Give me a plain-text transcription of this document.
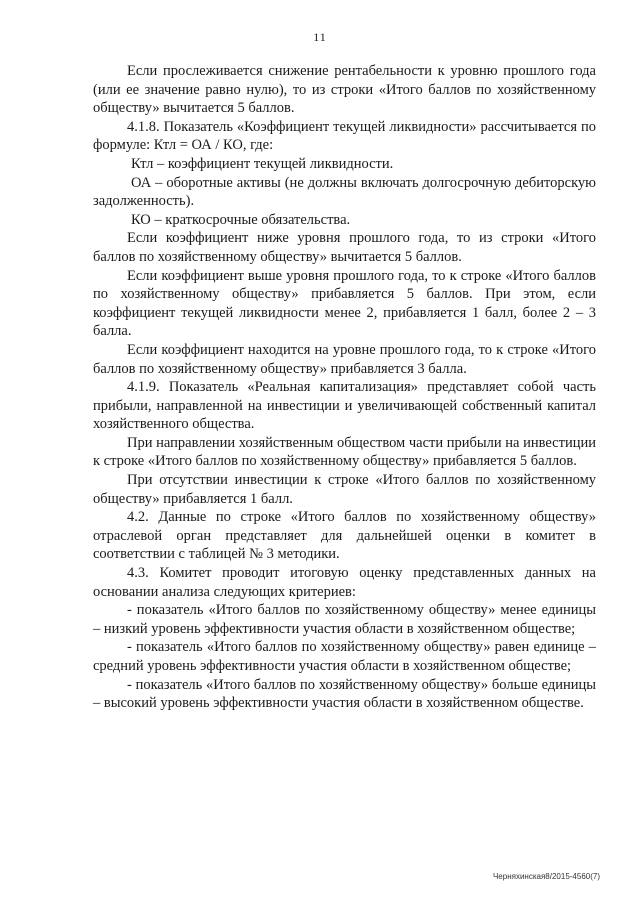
11

Если прослеживается снижение рентабельности к уровню прошлого года (или ее значение равно нулю), то из строки «Итого баллов по хозяйственному обществу» вычитается 5 баллов.

4.1.8. Показатель «Коэффициент текущей ликвидности» рассчитывается по формуле: Ктл = ОА / КО, где:

Ктл – коэффициент текущей ликвидности.

ОА – оборотные активы (не должны включать долгосрочную дебиторскую задолженность).

КО – краткосрочные обязательства.

Если коэффициент ниже уровня прошлого года, то из строки «Итого баллов по хозяйственному обществу» вычитается 5 баллов.

Если коэффициент выше уровня прошлого года, то к строке «Итого баллов по хозяйственному обществу» прибавляется 5 баллов. При этом, если коэффициент текущей ликвидности менее 2, прибавляется 1 балл, более 2 – 3 балла.

Если коэффициент находится на уровне прошлого года, то к строке «Итого баллов по хозяйственному обществу» прибавляется 3 балла.

4.1.9. Показатель «Реальная капитализация» представляет собой часть прибыли, направленной на инвестиции и увеличивающей собственный капитал хозяйственного общества.

При направлении хозяйственным обществом части прибыли на инвестиции к строке «Итого баллов по хозяйственному обществу» прибавляется 5 баллов.

При отсутствии инвестиции к строке «Итого баллов по хозяйственному обществу» прибавляется 1 балл.

4.2. Данные по строке «Итого баллов по хозяйственному обществу» отраслевой орган представляет для дальнейшей оценки в комитет в соответствии с таблицей № 3 методики.

4.3. Комитет проводит итоговую оценку представленных данных на основании анализа следующих критериев:

- показатель «Итого баллов по хозяйственному обществу» менее единицы – низкий уровень эффективности участия области в хозяйственном обществе;

- показатель «Итого баллов по хозяйственному обществу» равен единице – средний уровень эффективности участия области в хозяйственном обществе;

- показатель «Итого баллов по хозяйственному обществу» больше единицы – высокий уровень эффективности участия области в хозяйственном обществе.

Черняхинская8/2015-4560(7)
